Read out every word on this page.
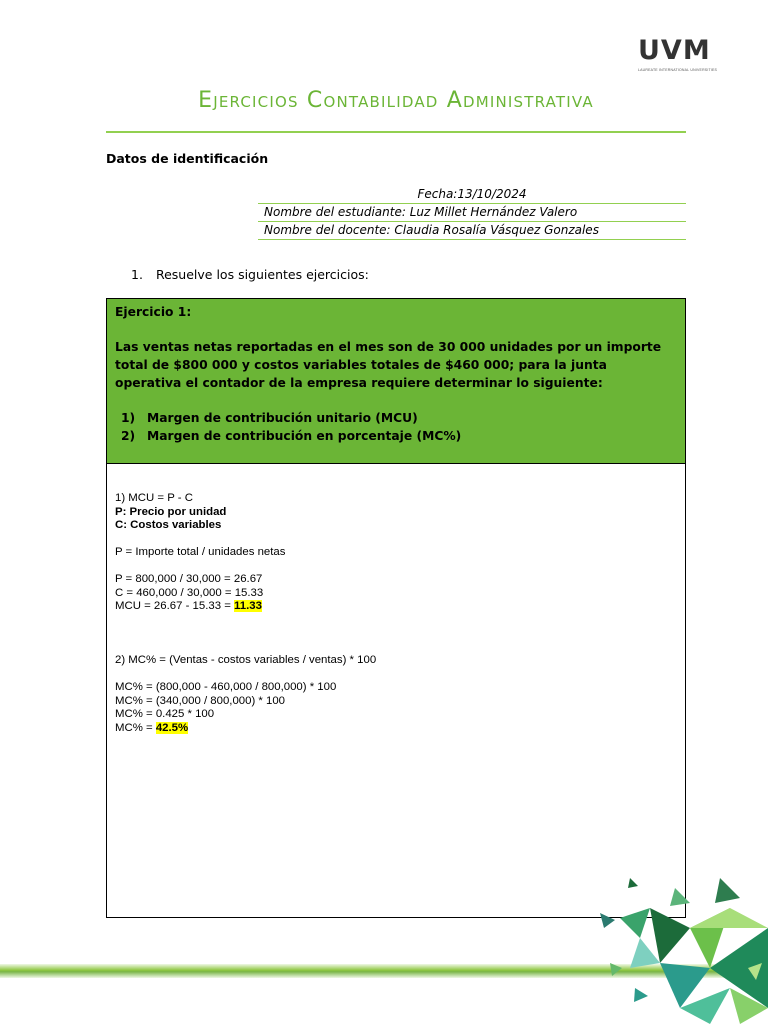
UVM
LAUREATE INTERNATIONAL UNIVERSITIES
Ejercicios Contabilidad Administrativa
Datos de identificación
Fecha:13/10/2024
Nombre del estudiante: Luz Millet Hernández Valero
Nombre del docente: Claudia Rosalía Vásquez Gonzales
1. Resuelve los siguientes ejercicios:

Ejercicio 1:

Las ventas netas reportadas en el mes son de 30 000 unidades por un importe total de $800 000 y costos variables totales de $460 000; para la junta operativa el contador de la empresa requiere determinar lo siguiente:

1) Margen de contribución unitario (MCU)
2) Margen de contribución en porcentaje (MC%)
1) MCU = P - C
P: Precio por unidad
C: Costos variables
P = Importe total / unidades netas
P = 800,000 / 30,000 = 26.67
C = 460,000 / 30,000 = 15.33
MCU = 26.67 - 15.33 = 11.33
2) MC% = (Ventas - costos variables / ventas) * 100
MC% = (800,000 - 460,000 / 800,000) * 100
MC% = (340,000 / 800,000) * 100
MC% = 0.425 * 100
MC% = 42.5%
